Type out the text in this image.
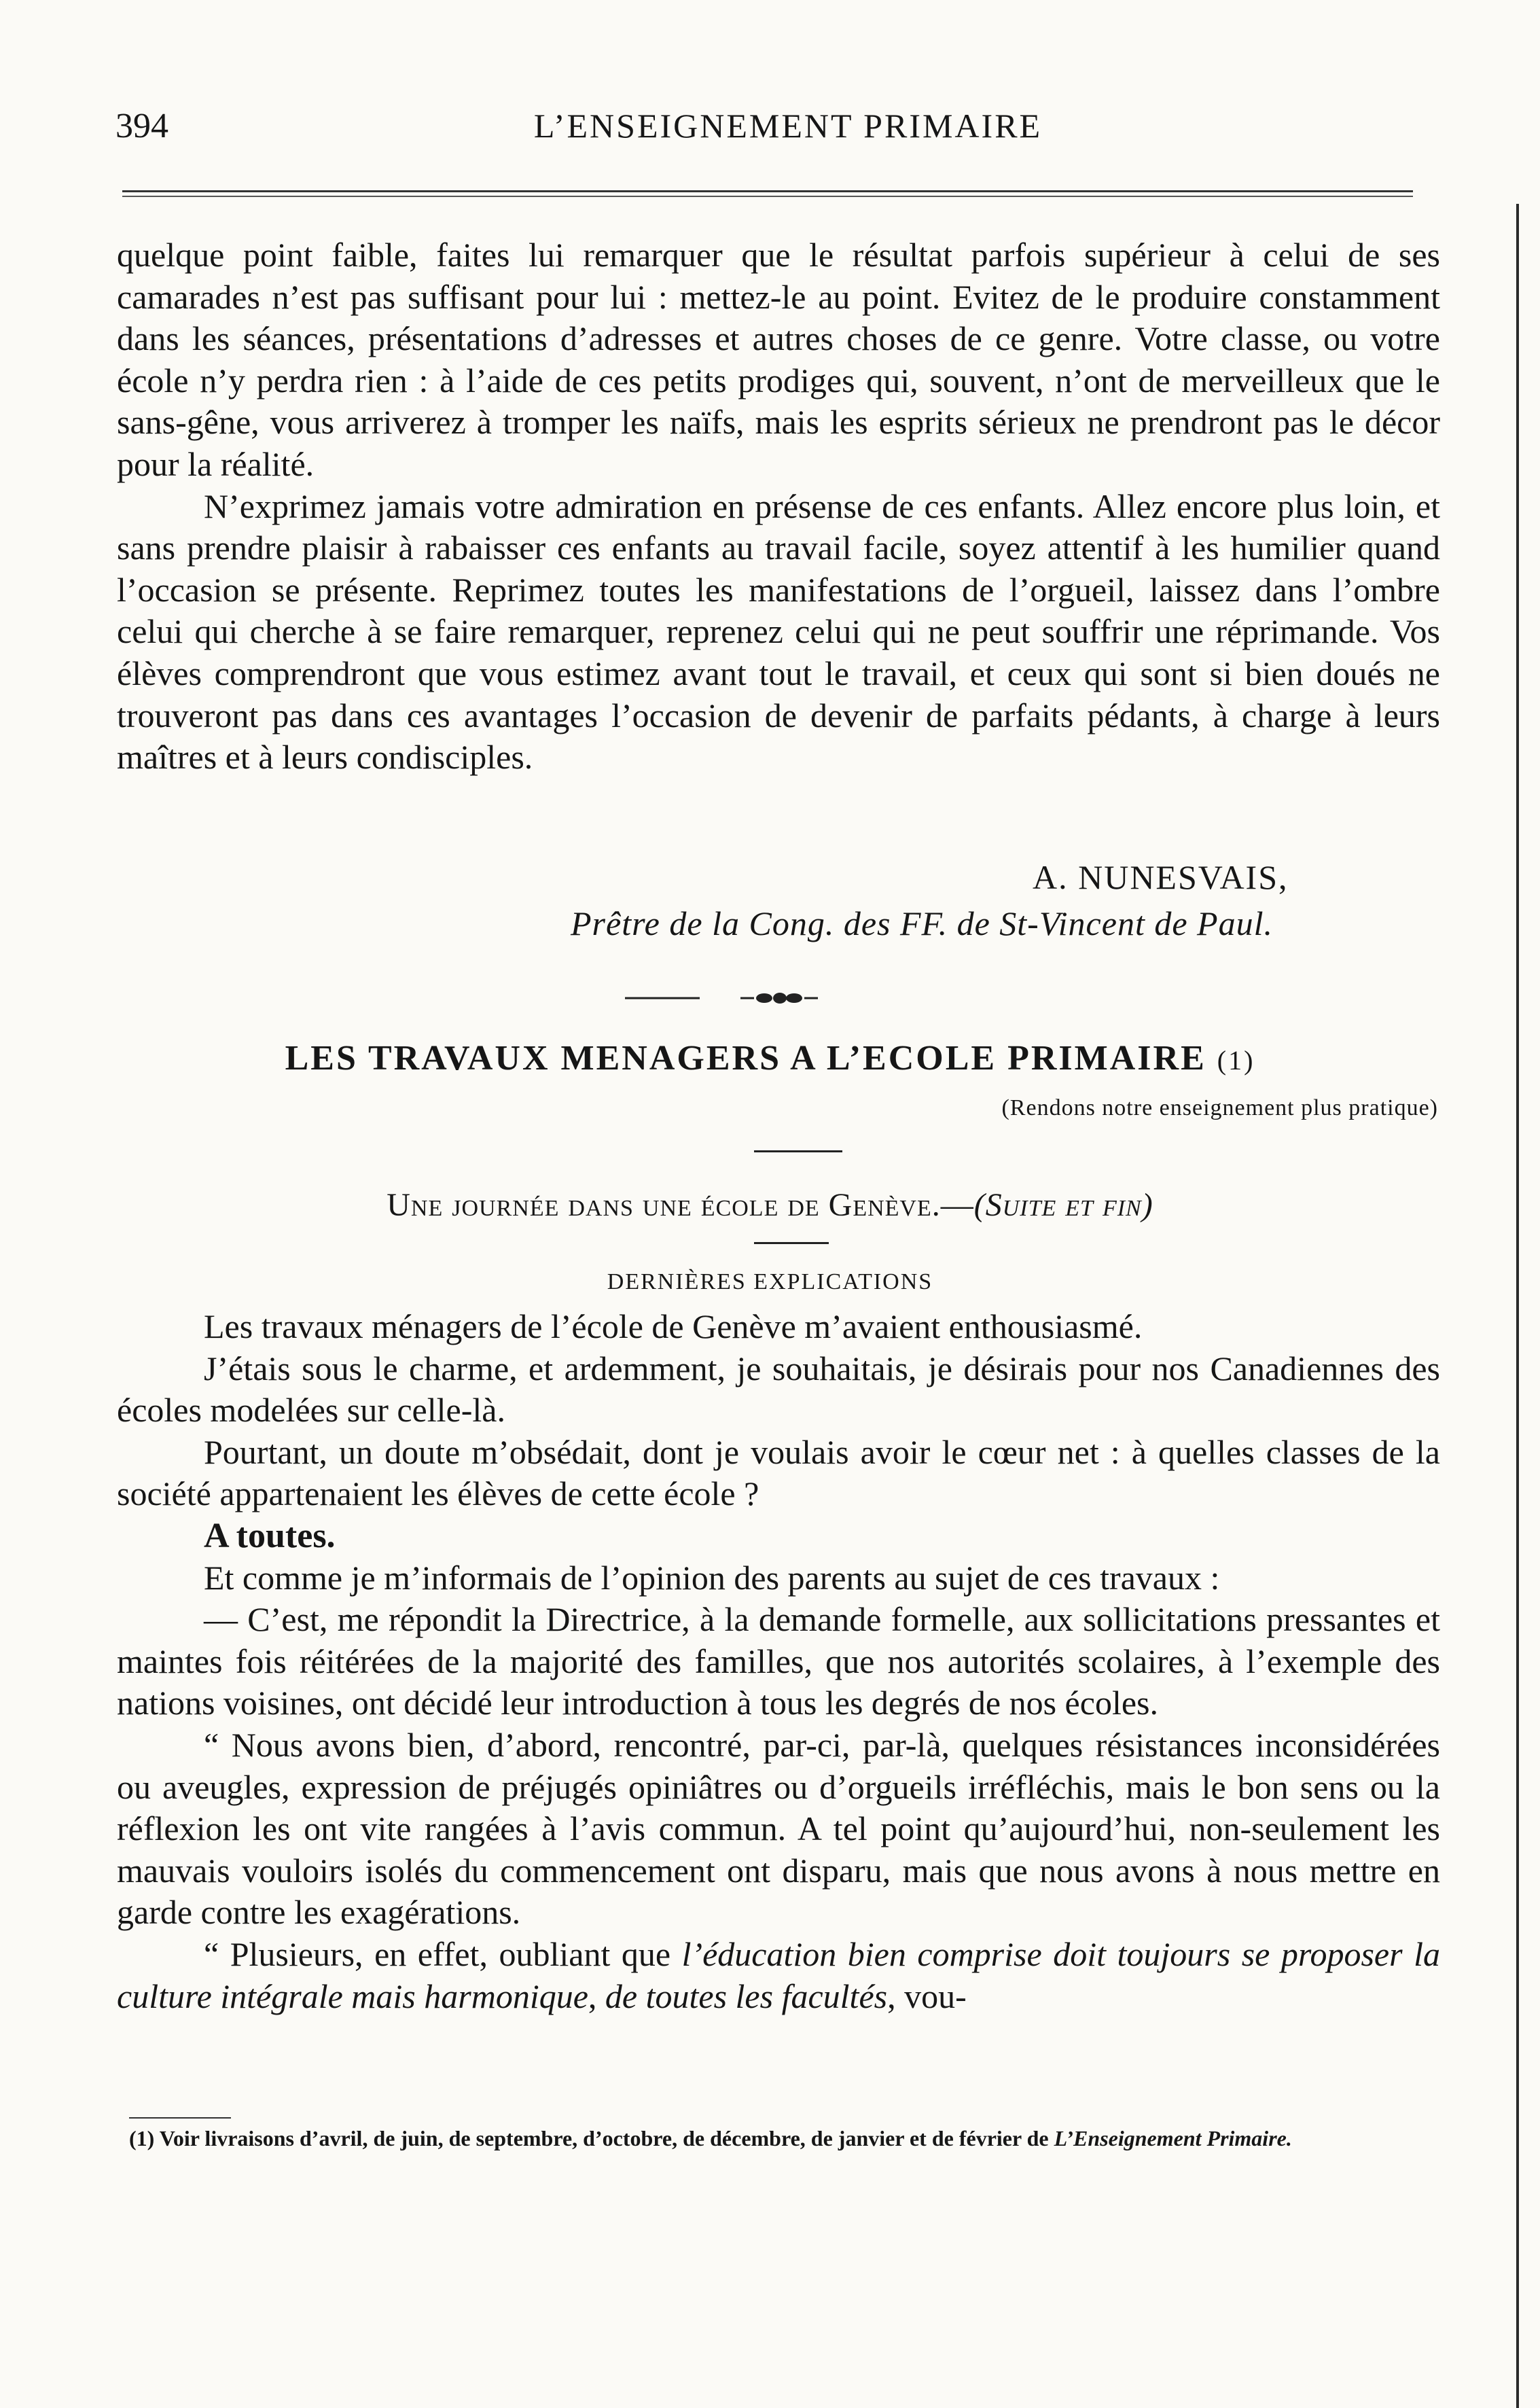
394	L’ENSEIGNEMENT PRIMAIRE

quelque point faible, faites lui remarquer que le résultat parfois supérieur à celui de ses camarades n’est pas suffisant pour lui : mettez-le au point. Evitez de le produire constamment dans les séances, présentations d’adresses et autres choses de ce genre. Votre classe, ou votre école n’y perdra rien : à l’aide de ces petits prodiges qui, souvent, n’ont de merveilleux que le sans-gêne, vous arriverez à tromper les naïfs, mais les esprits sérieux ne prendront pas le décor pour la réalité.

N’exprimez jamais votre admiration en présense de ces enfants. Allez encore plus loin, et sans prendre plaisir à rabaisser ces enfants au travail facile, soyez attentif à les humilier quand l’occasion se présente. Reprimez toutes les manifestations de l’orgueil, laissez dans l’ombre celui qui cherche à se faire remarquer, reprenez celui qui ne peut souffrir une réprimande. Vos élèves comprendront que vous estimez avant tout le travail, et ceux qui sont si bien doués ne trouveront pas dans ces avantages l’occasion de devenir de parfaits pédants, à charge à leurs maîtres et à leurs condisciples.

A. NUNESVAIS,
Prêtre de la Cong. des FF. de St-Vincent de Paul.
LES TRAVAUX MENAGERS A L’ECOLE PRIMAIRE (1)
(Rendons notre enseignement plus pratique)
Une journée dans une école de Genève.—(Suite et fin)
DERNIÈRES EXPLICATIONS

Les travaux ménagers de l’école de Genève m’avaient enthousiasmé.

J’étais sous le charme, et ardemment, je souhaitais, je désirais pour nos Canadiennes des écoles modelées sur celle-là.

Pourtant, un doute m’obsédait, dont je voulais avoir le cœur net : à quelles classes de la société appartenaient les élèves de cette école ?

A toutes.

Et comme je m’informais de l’opinion des parents au sujet de ces travaux :

— C’est, me répondit la Directrice, à la demande formelle, aux sollicitations pressantes et maintes fois réitérées de la majorité des familles, que nos autorités scolaires, à l’exemple des nations voisines, ont décidé leur introduction à tous les degrés de nos écoles.

“ Nous avons bien, d’abord, rencontré, par-ci, par-là, quelques résistances inconsidérées ou aveugles, expression de préjugés opiniâtres ou d’orgueils irréfléchis, mais le bon sens ou la réflexion les ont vite rangées à l’avis commun. A tel point qu’aujourd’hui, non-seulement les mauvais vouloirs isolés du commencement ont disparu, mais que nous avons à nous mettre en garde contre les exagérations.

“ Plusieurs, en effet, oubliant que l’éducation bien comprise doit toujours se proposer la culture intégrale mais harmonique, de toutes les facultés, vou-

(1) Voir livraisons d’avril, de juin, de septembre, d’octobre, de décembre, de janvier et de février de L’Enseignement Primaire.
